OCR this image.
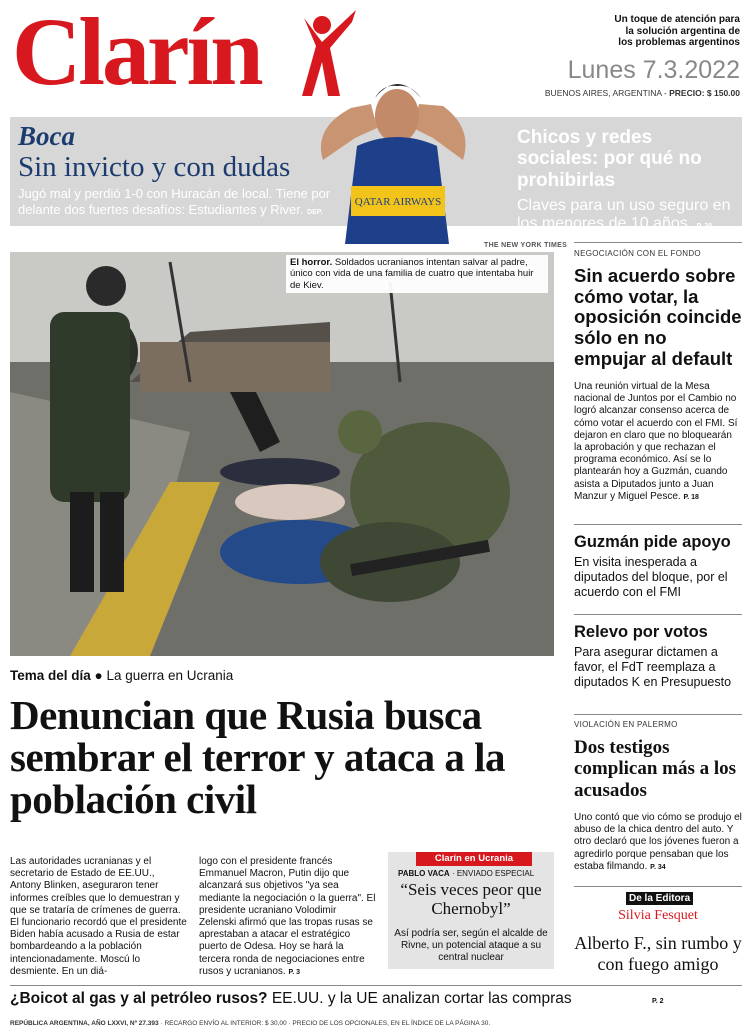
Clarín	Un toque de atención para la solución argentina de los problemas argentinos
Lunes 7.3.2022
BUENOS AIRES, ARGENTINA - PRECIO: $ 150.00
Boca
Sin invicto y con dudas
Jugó mal y perdió 1-0 con Huracán de local. Tiene por delante dos fuertes desafíos: Estudiantes y River. DEP.
Chicos y redes sociales: por qué no prohibirlas

Claves para un uso seguro en los menores de 10 años. P. 38

QATAR AIRWAYS
THE NEW YORK TIMES
El horror. Soldados ucranianos intentan salvar al padre, único con vida de una familia de cuatro que intentaba huir de Kiev.
Tema del día ● La guerra en Ucrania
Denuncian que Rusia busca sembrar el terror y ataca a la población civil

Las autoridades ucranianas y el secretario de Estado de EE.UU., Antony Blinken, aseguraron tener informes creíbles que lo demuestran y que se trataría de crímenes de guerra. El funcionario recordó que el presidente Biden había acusado a Rusia de estar bombardeando a la población intencionadamente. Moscú lo desmiente. En un diá-

logo con el presidente francés Emmanuel Macron, Putin dijo que alcanzará sus objetivos "ya sea mediante la negociación o la guerra". El presidente ucraniano Volodimir Zelenski afirmó que las tropas rusas se aprestaban a atacar el estratégico puerto de Odesa. Hoy se hará la tercera ronda de negociaciones entre rusos y ucranianos. P. 3

Clarín en Ucrania
PABLO VACA · ENVIADO ESPECIAL
“Seis veces peor que Chernobyl”
Así podría ser, según el alcalde de Rivne, un potencial ataque a su central nuclear
¿Boicot al gas y al petróleo rusos? EE.UU. y la UE analizan cortar las compras
REPÚBLICA ARGENTINA, AÑO LXXVI, Nº 27.393 · RECARGO ENVÍO AL INTERIOR: $ 30,00 · PRECIO DE LOS OPCIONALES, EN EL ÍNDICE DE LA PÁGINA 30.
NEGOCIACIÓN CON EL FONDO
Sin acuerdo sobre cómo votar, la oposición coincide sólo en no empujar al default
Una reunión virtual de la Mesa nacional de Juntos por el Cambio no logró alcanzar consenso acerca de cómo votar el acuerdo con el FMI. Sí dejaron en claro que no bloquearán la aprobación y que rechazan el programa económico. Así se lo plantearán hoy a Guzmán, cuando asista a Diputados junto a Juan Manzur y Miguel Pesce. P. 18
Guzmán pide apoyo
En visita inesperada a diputados del bloque, por el acuerdo con el FMI
Relevo por votos
Para asegurar dictamen a favor, el FdT reemplaza a diputados K en Presupuesto
VIOLACIÓN EN PALERMO
Dos testigos complican más a los acusados
Uno contó que vio cómo se produjo el abuso de la chica dentro del auto. Y otro declaró que los jóvenes fueron a agredirlo porque pensaban que los estaba filmando. P. 34
De la Editora
Silvia Fesquet
Alberto F., sin rumbo y con fuego amigo
P. 2
